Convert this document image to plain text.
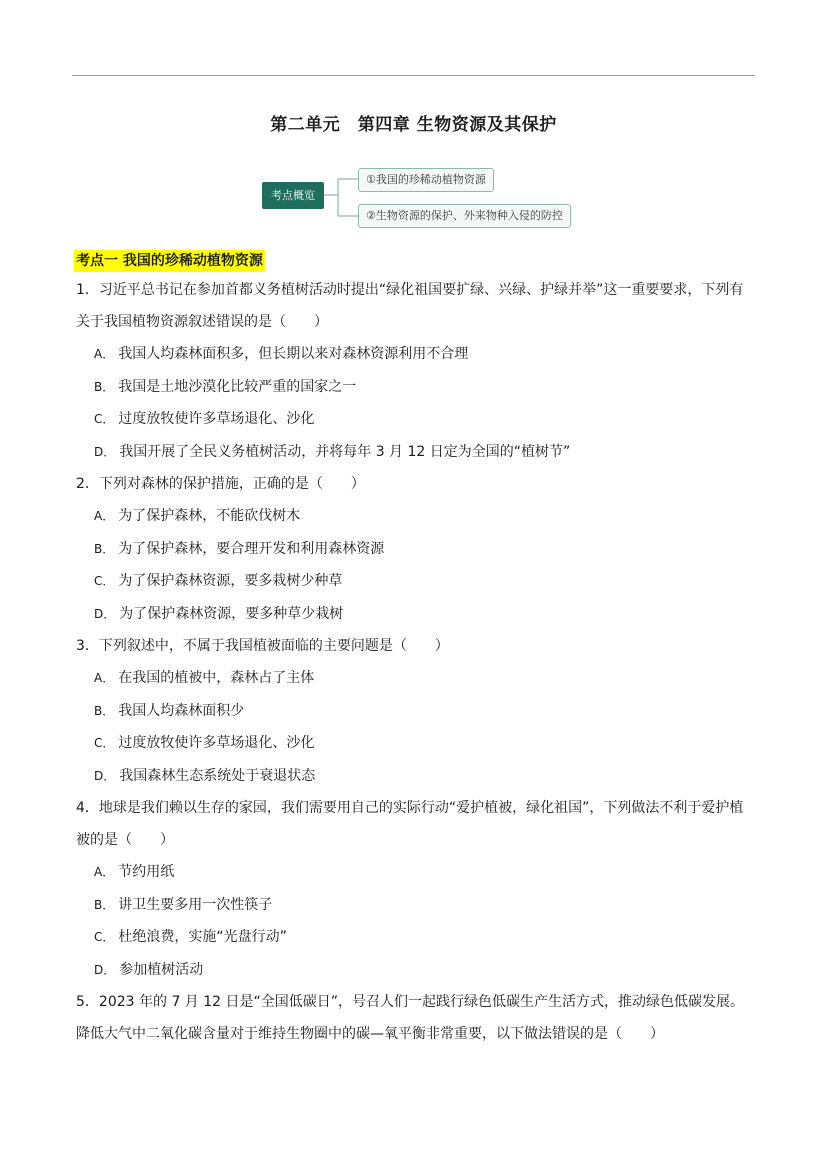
第二单元　第四章 生物资源及其保护
考点概览
①我国的珍稀动植物资源
②生物资源的保护、外来物种入侵的防控
考点一 我国的珍稀动植物资源

1．习近平总书记在参加首都义务植树活动时提出“绿化祖国要扩绿、兴绿、护绿并举”这一重要要求，下列有关于我国植物资源叙述错误的是（　　）

A． 我国人均森林面积多，但长期以来对森林资源利用不合理

B． 我国是土地沙漠化比较严重的国家之一

C． 过度放牧使许多草场退化、沙化

D． 我国开展了全民义务植树活动，并将每年 3 月 12 日定为全国的“植树节”

2．下列对森林的保护措施，正确的是（　　）

A． 为了保护森林，不能砍伐树木

B． 为了保护森林，要合理开发和利用森林资源

C． 为了保护森林资源，要多栽树少种草

D． 为了保护森林资源，要多种草少栽树

3．下列叙述中，不属于我国植被面临的主要问题是（　　）

A． 在我国的植被中，森林占了主体

B． 我国人均森林面积少

C． 过度放牧使许多草场退化、沙化

D． 我国森林生态系统处于衰退状态

4．地球是我们赖以生存的家园，我们需要用自己的实际行动“爱护植被，绿化祖国”，下列做法不利于爱护植被的是（　　）

A． 节约用纸

B． 讲卫生要多用一次性筷子

C． 杜绝浪费，实施“光盘行动”

D． 参加植树活动

5．2023 年的 7 月 12 日是“全国低碳日”，号召人们一起践行绿色低碳生产生活方式，推动绿色低碳发展。降低大气中二氧化碳含量对于维持生物圈中的碳—氧平衡非常重要，以下做法错误的是（　　）
